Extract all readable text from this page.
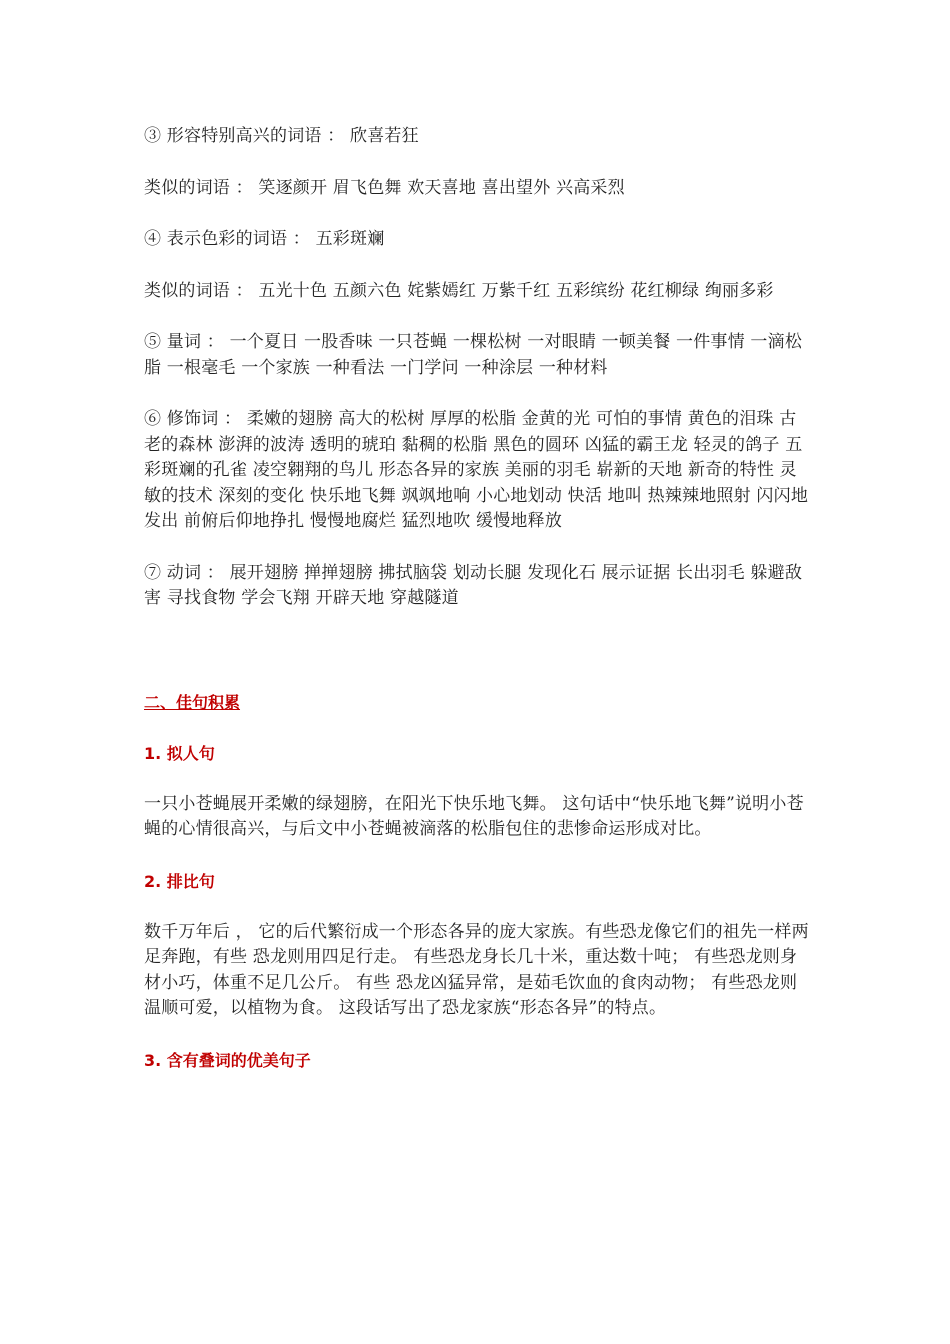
③ 形容特别高兴的词语 ： 欣喜若狂

类似的词语 ： 笑逐颜开 眉飞色舞 欢天喜地 喜出望外 兴高采烈

④ 表示色彩的词语 ： 五彩斑斓

类似的词语 ： 五光十色 五颜六色 姹紫嫣红 万紫千红 五彩缤纷 花红柳绿 绚丽多彩

⑤ 量词 ： 一个夏日 一股香味 一只苍蝇 一棵松树 一对眼睛 一顿美餐 一件事情 一滴松脂 一根毫毛 一个家族 一种看法 一门学问 一种涂层 一种材料

⑥ 修饰词 ： 柔嫩的翅膀 高大的松树 厚厚的松脂 金黄的光 可怕的事情 黄色的泪珠 古老的森林 澎湃的波涛 透明的琥珀 黏稠的松脂 黑色的圆环 凶猛的霸王龙 轻灵的鸽子 五彩斑斓的孔雀 凌空翱翔的鸟儿 形态各异的家族 美丽的羽毛 崭新的天地 新奇的特性 灵敏的技术 深刻的变化 快乐地飞舞 飒飒地响 小心地划动 快活 地叫 热辣辣地照射 闪闪地发出 前俯后仰地挣扎 慢慢地腐烂 猛烈地吹 缓慢地释放

⑦ 动词 ： 展开翅膀 掸掸翅膀 拂拭脑袋 划动长腿 发现化石 展示证据 长出羽毛 躲避敌害 寻找食物 学会飞翔 开辟天地 穿越隧道

二、佳句积累
1. 拟人句

一只小苍蝇展开柔嫩的绿翅膀，在阳光下快乐地飞舞。 这句话中“快乐地飞舞”说明小苍蝇的心情很高兴，与后文中小苍蝇被滴落的松脂包住的悲惨命运形成对比。

2. 排比句

数千万年后 ， 它的后代繁衍成一个形态各异的庞大家族。有些恐龙像它们的祖先一样两足奔跑，有些 恐龙则用四足行走。 有些恐龙身长几十米，重达数十吨； 有些恐龙则身材小巧，体重不足几公斤。 有些 恐龙凶猛异常，是茹毛饮血的食肉动物； 有些恐龙则温顺可爱，以植物为食。 这段话写出了恐龙家族“形态各异”的特点。

3. 含有叠词的优美句子
